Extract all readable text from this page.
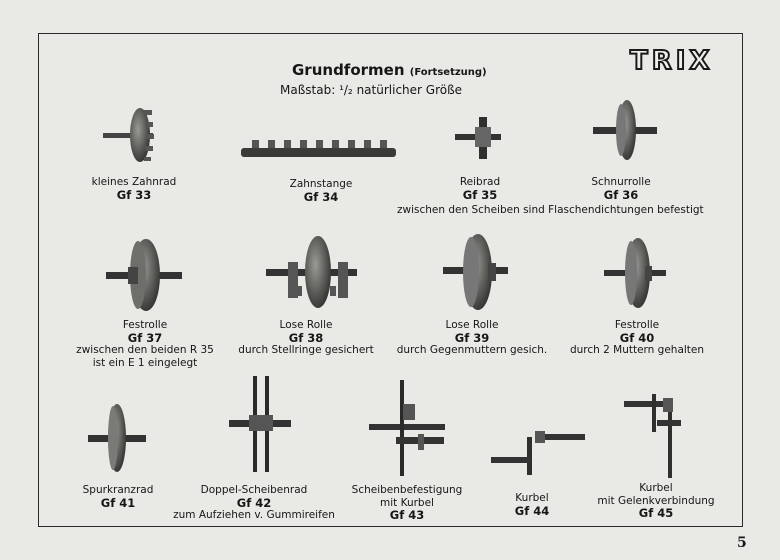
TRIX
Grundformen (Fortsetzung)
Maßstab: ¹/₂ natürlicher Größe
kleines Zahnrad
Gf 33
Zahnstange
Gf 34
Reibrad
Gf 35
Schnurrolle
Gf 36
zwischen den Scheiben sind Flaschendichtungen befestigt
Festrolle
Gf 37
zwischen den beiden R 35
ist ein E 1 eingelegt
Lose Rolle
Gf 38
durch Stellringe gesichert
Lose Rolle
Gf 39
durch Gegenmuttern gesich.
Festrolle
Gf 40
durch 2 Muttern gehalten
Spurkranzrad
Gf 41
Doppel-Scheibenrad
Gf 42
zum Aufziehen v. Gummireifen
Scheibenbefestigung
mit Kurbel
Gf 43
Kurbel
Gf 44
Kurbel
mit Gelenkverbindung
Gf 45
5
